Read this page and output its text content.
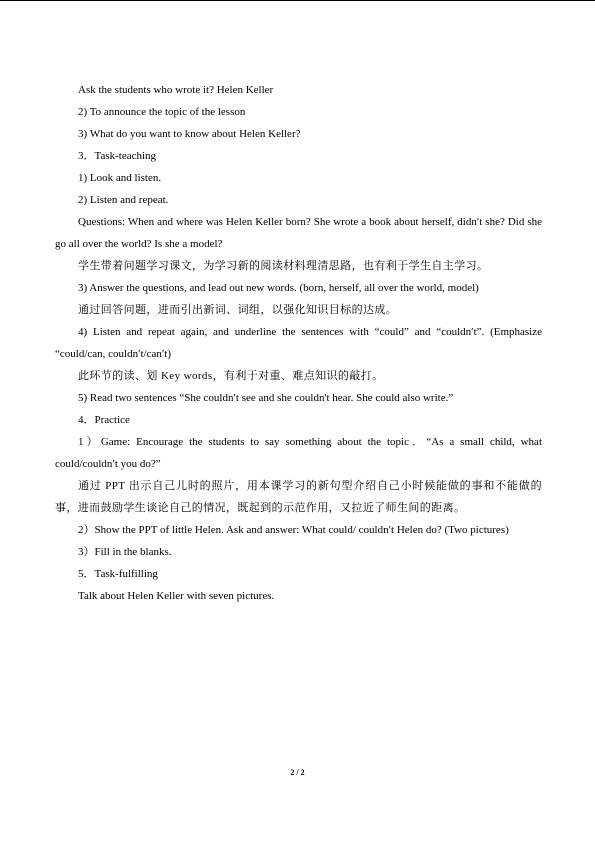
Ask the students who wrote it? Helen Keller

2) To announce the topic of the lesson

3) What do you want to know about Helen Keller?

3．Task-teaching

1) Look and listen.

2) Listen and repeat.

Questions: When and where was Helen Keller born? She wrote a book about herself, didn′t she? Did she go all over the world? Is she a model?

学生带着问题学习课文，为学习新的阅读材料理清思路，也有利于学生自主学习。

3) Answer the questions, and lead out new words. (born, herself, all over the world, model)

通过回答问题，进而引出新词、词组，以强化知识目标的达成。

4) Listen and repeat again, and underline the sentences with “could” and “couldn′t”. (Emphasize “could/can, couldn′t/can′t)

此环节的读、划 Key words，有利于对重、难点知识的敲打。

5) Read two sentences “She couldn′t see and she couldn't hear. She could also write.”

4．Practice

1）Game: Encourage the students to say something about the topic．“As a small child, what could/couldn′t you do?”

通过 PPT 出示自己儿时的照片，用本课学习的新句型介绍自己小时候能做的事和不能做的事，进而鼓励学生谈论自己的情况，既起到的示范作用，又拉近了师生间的距离。

2）Show the PPT of little Helen. Ask and answer: What could/ couldn′t Helen do? (Two pictures)

3）Fill in the blanks.

5．Task-fulfilling

Talk about Helen Keller with seven pictures.

2 / 2
